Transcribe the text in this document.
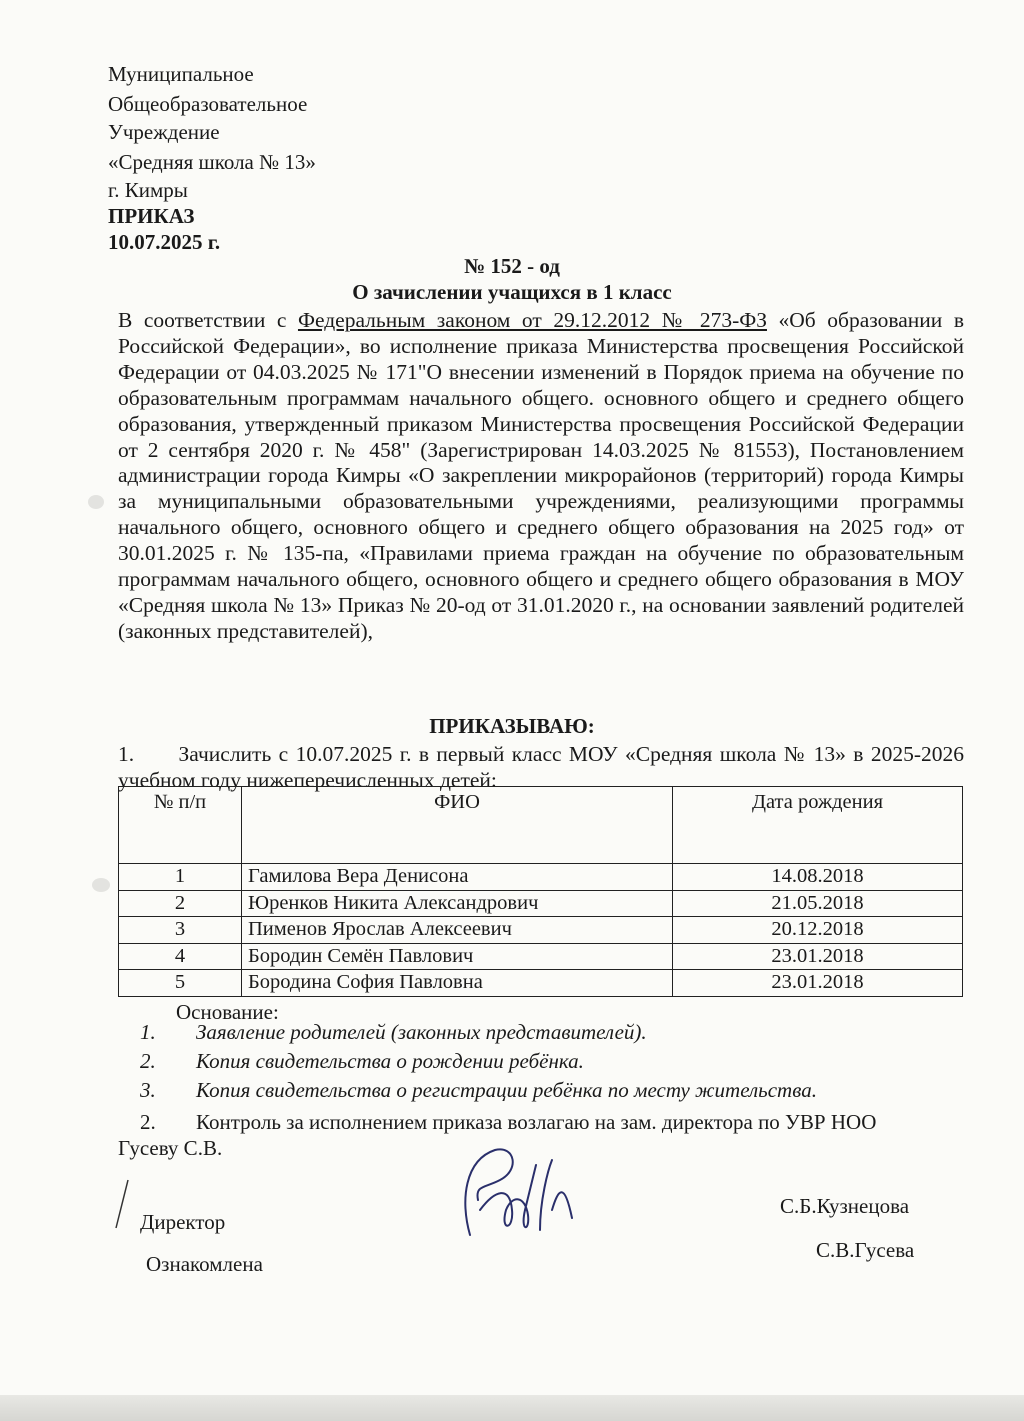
Муниципальное
Общеобразовательное
Учреждение
«Средняя школа № 13»
г. Кимры
ПРИКАЗ
10.07.2025 г.
№ 152 - од
О зачислении учащихся в 1 класс

В соответствии с Федеральным законом от 29.12.2012 № 273-ФЗ «Об образовании в Российской Федерации», во исполнение приказа Министерства просвещения Российской Федерации от 04.03.2025 № 171"О внесении изменений в Порядок приема на обучение по образовательным программам начального общего. основного общего и среднего общего образования, утвержденный приказом Министерства просвещения Российской Федерации от 2 сентября 2020 г. № 458" (Зарегистрирован 14.03.2025 № 81553), Постановлением администрации города Кимры «О закреплении микрорайонов (территорий) города Кимры за муниципальными образовательными учреждениями, реализующими программы начального общего, основного общего и среднего общего образования на 2025 год» от 30.01.2025 г. № 135-па, «Правилами приема граждан на обучение по образовательным программам начального общего, основного общего и среднего общего образования в МОУ «Средняя школа № 13» Приказ № 20-од от 31.01.2020 г., на основании заявлений родителей (законных представителей),

ПРИКАЗЫВАЮ:

1. Зачислить с 10.07.2025 г. в первый класс МОУ «Средняя школа № 13» в 2025-2026 учебном году нижеперечисленных детей:

№ п/п	ФИО	Дата рождения
1	Гамилова Вера Денисона	14.08.2018
2	Юренков Никита Александрович	21.05.2018
3	Пименов Ярослав Алексеевич	20.12.2018
4	Бородин Семён Павлович	23.01.2018
5	Бородина София Павловна	23.01.2018
Основание:
1.	Заявление родителей (законных представителей).
2.	Копия свидетельства о рождении ребёнка.
3.	Копия свидетельства о регистрации ребёнка по месту жительства.
2.	Контроль за исполнением приказа возлагаю на зам. директора по УВР НОО
Гусеву С.В.
Директор
С.Б.Кузнецова
Ознакомлена
С.В.Гусева
